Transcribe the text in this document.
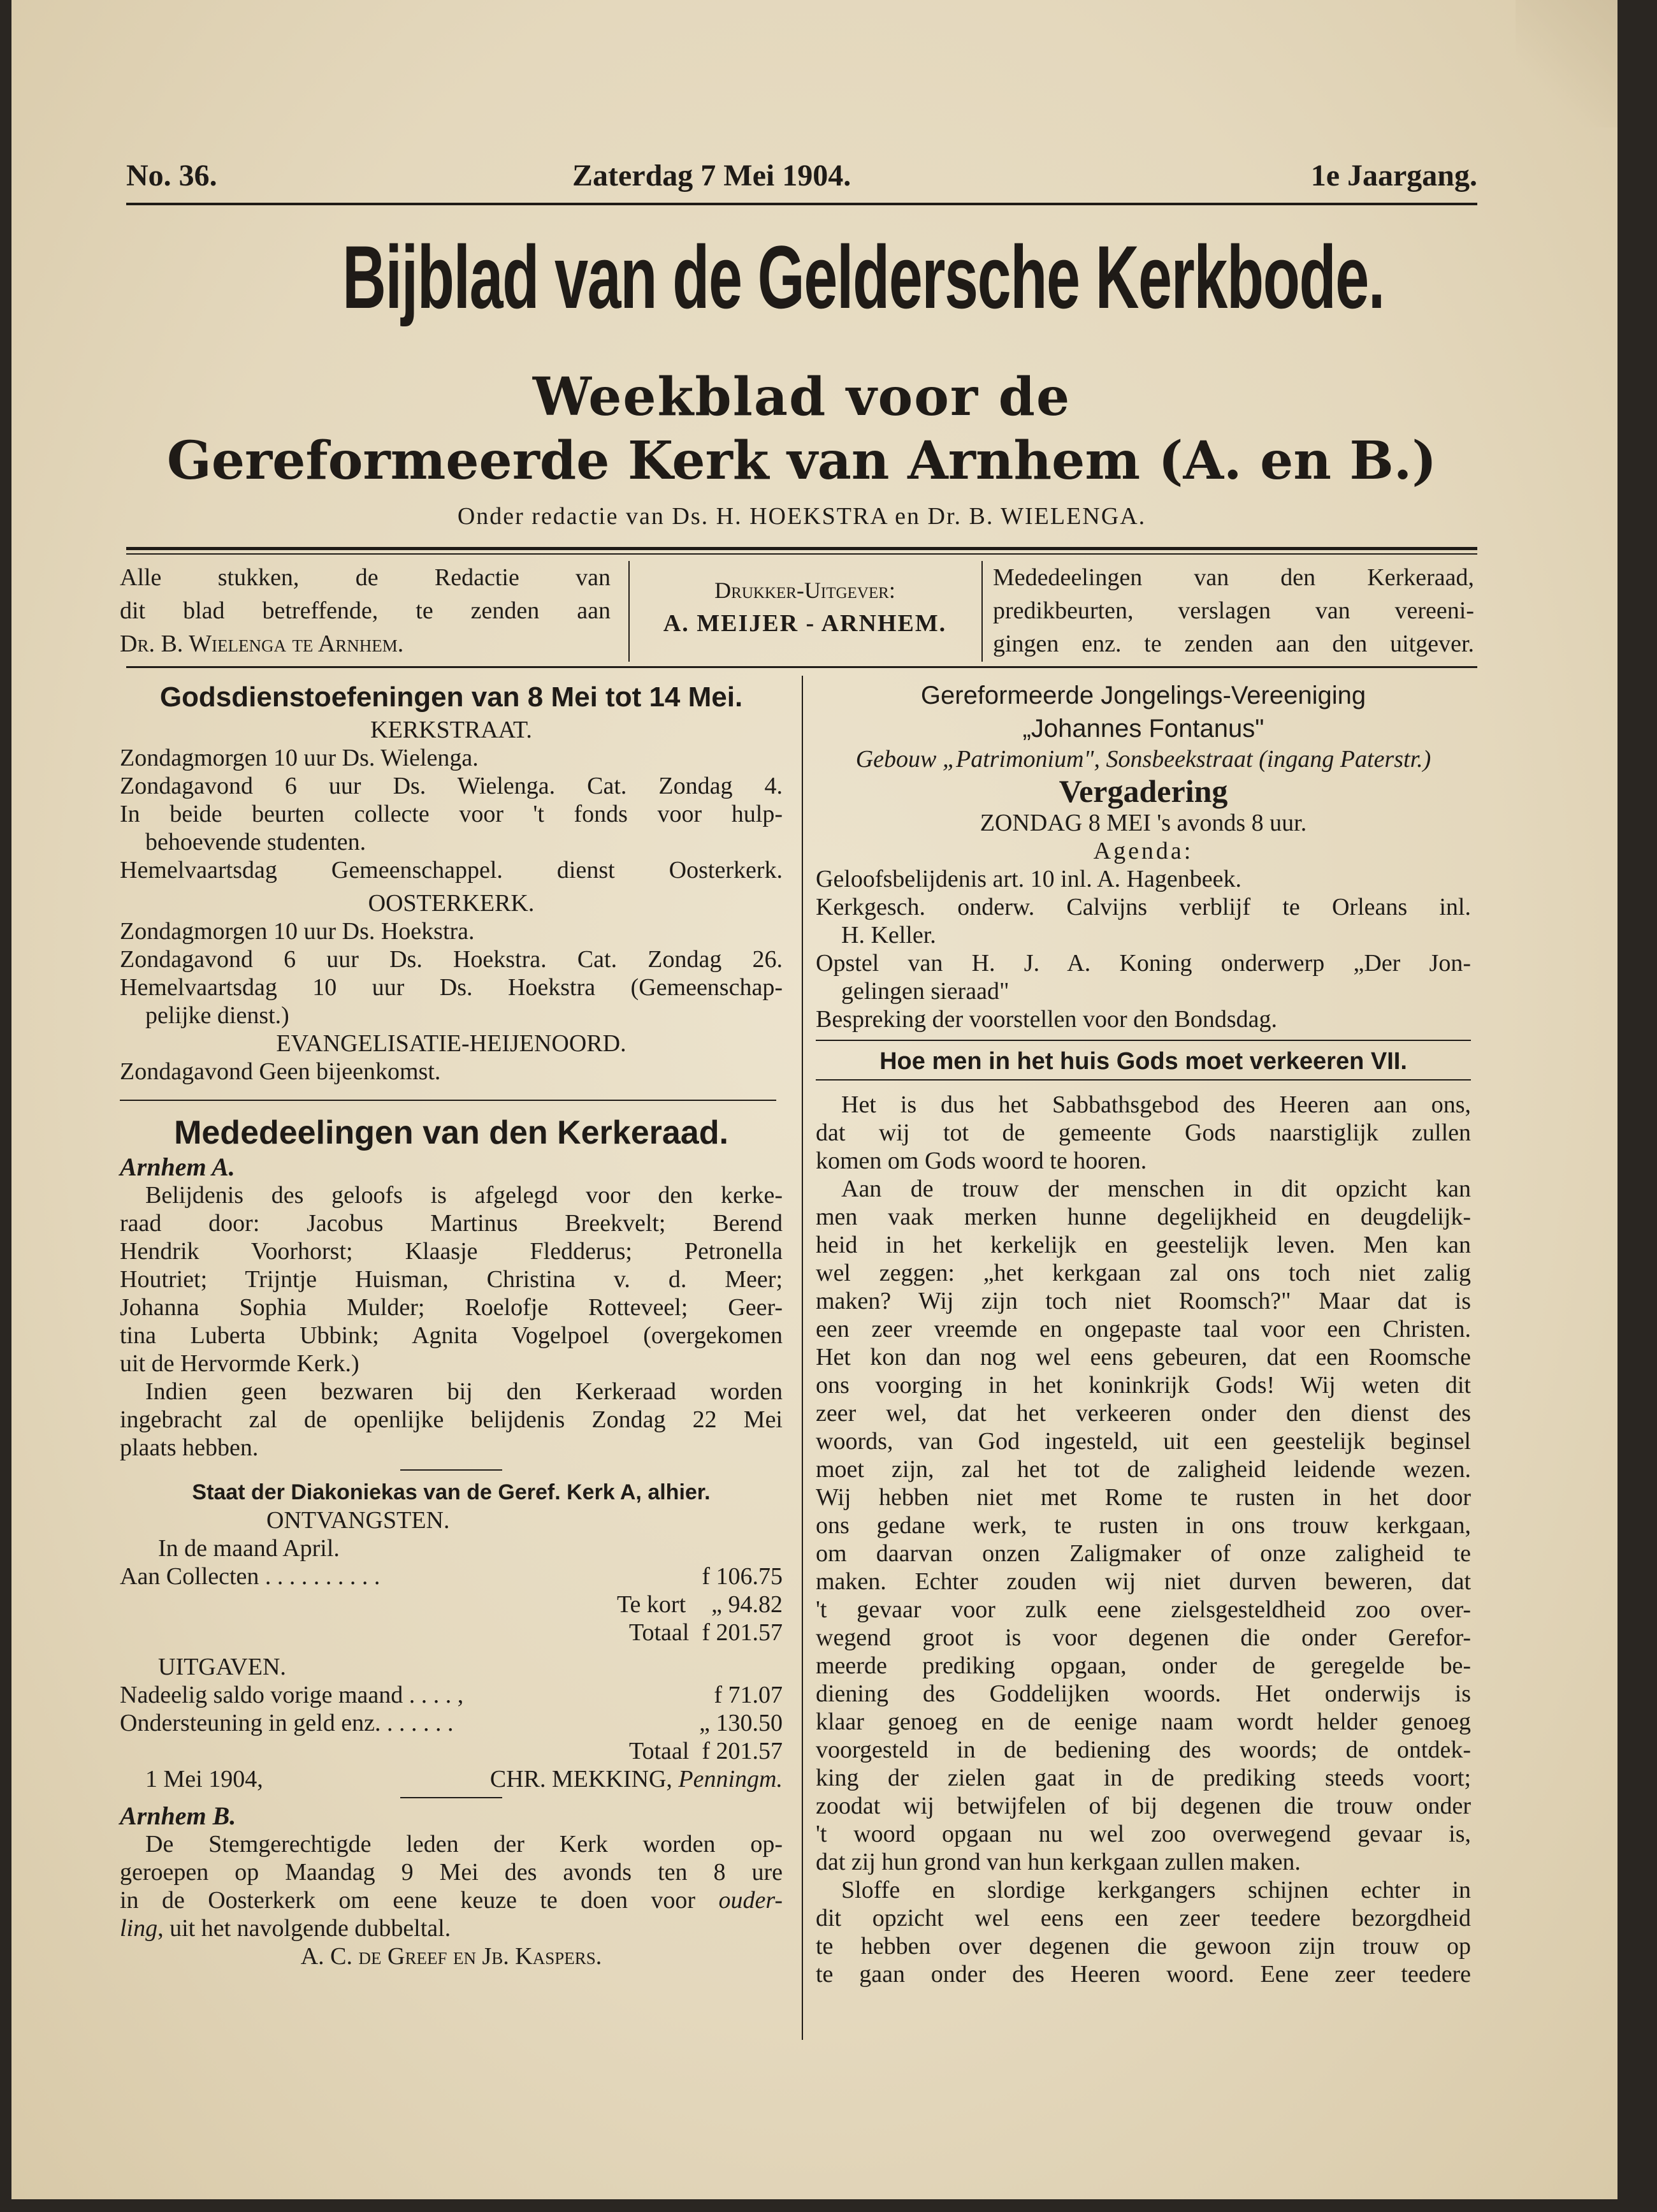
No. 36.	Zaterdag 7 Mei 1904.	1e Jaargang.
Bijblad van de Geldersche Kerkbode.
Weekblad voor de
Gereformeerde Kerk van Arnhem (A. en B.)
Onder redactie van Ds. H. HOEKSTRA en Dr. B. WIELENGA.
Alle stukken, de Redactie van
dit blad betreffende, te zenden aan
Dr. B. Wielenga te Arnhem.
Drukker-Uitgever:
A. MEIJER - ARNHEM.
Mededeelingen van den Kerkeraad,
predikbeurten, verslagen van vereeni-
gingen enz. te zenden aan den uitgever.
Godsdienstoefeningen van 8 Mei tot 14 Mei.
KERKSTRAAT.
Zondagmorgen 10 uur Ds. Wielenga.
Zondagavond 6 uur Ds. Wielenga. Cat. Zondag 4.
In beide beurten collecte voor 't fonds voor hulp-
behoevende studenten.
Hemelvaartsdag Gemeenschappel. dienst Oosterkerk.
OOSTERKERK.
Zondagmorgen 10 uur Ds. Hoekstra.
Zondagavond 6 uur Ds. Hoekstra. Cat. Zondag 26.
Hemelvaartsdag 10 uur Ds. Hoekstra (Gemeenschap-
pelijke dienst.)
EVANGELISATIE-HEIJENOORD.
Zondagavond Geen bijeenkomst.
Mededeelingen van den Kerkeraad.
Arnhem A.
Belijdenis des geloofs is afgelegd voor den kerke-
raad door: Jacobus Martinus Breekvelt; Berend
Hendrik Voorhorst; Klaasje Fledderus; Petronella
Houtriet; Trijntje Huisman, Christina v. d. Meer;
Johanna Sophia Mulder; Roelofje Rotteveel; Geer-
tina Luberta Ubbink; Agnita Vogelpoel (overgekomen
uit de Hervormde Kerk.)
Indien geen bezwaren bij den Kerkeraad worden
ingebracht zal de openlijke belijdenis Zondag 22 Mei
plaats hebben.
Staat der Diakoniekas van de Geref. Kerk A, alhier.
ONTVANGSTEN.
In de maand April.
Aan Collecten . . . . . . . . . .	f 106.75
Te kort „ 94.82
Totaal f 201.57
UITGAVEN.
Nadeelig saldo vorige maand . . . . ,	f 71.07
Ondersteuning in geld enz. . . . . . .	„ 130.50
Totaal f 201.57
1 Mei 1904,	CHR. MEKKING, Penningm.
Arnhem B.
De Stemgerechtigde leden der Kerk worden op-
geroepen op Maandag 9 Mei des avonds ten 8 ure
in de Oosterkerk om eene keuze te doen voor ouder-
ling, uit het navolgende dubbeltal.
A. C. de Greef en Jb. Kaspers.
Gereformeerde Jongelings-Vereeniging
„Johannes Fontanus"
Gebouw „Patrimonium", Sonsbeekstraat (ingang Paterstr.)
Vergadering
ZONDAG 8 MEI 's avonds 8 uur.
Agenda:
Geloofsbelijdenis art. 10 inl. A. Hagenbeek.
Kerkgesch. onderw. Calvijns verblijf te Orleans inl.
H. Keller.
Opstel van H. J. A. Koning onderwerp „Der Jon-
gelingen sieraad"
Bespreking der voorstellen voor den Bondsdag.
Hoe men in het huis Gods moet verkeeren VII.
Het is dus het Sabbathsgebod des Heeren aan ons,
dat wij tot de gemeente Gods naarstiglijk zullen
komen om Gods woord te hooren.
Aan de trouw der menschen in dit opzicht kan
men vaak merken hunne degelijkheid en deugdelijk-
heid in het kerkelijk en geestelijk leven. Men kan
wel zeggen: „het kerkgaan zal ons toch niet zalig
maken? Wij zijn toch niet Roomsch?" Maar dat is
een zeer vreemde en ongepaste taal voor een Christen.
Het kon dan nog wel eens gebeuren, dat een Roomsche
ons voorging in het koninkrijk Gods! Wij weten dit
zeer wel, dat het verkeeren onder den dienst des
woords, van God ingesteld, uit een geestelijk beginsel
moet zijn, zal het tot de zaligheid leidende wezen.
Wij hebben niet met Rome te rusten in het door
ons gedane werk, te rusten in ons trouw kerkgaan,
om daarvan onzen Zaligmaker of onze zaligheid te
maken. Echter zouden wij niet durven beweren, dat
't gevaar voor zulk eene zielsgesteldheid zoo over-
wegend groot is voor degenen die onder Gerefor-
meerde prediking opgaan, onder de geregelde be-
diening des Goddelijken woords. Het onderwijs is
klaar genoeg en de eenige naam wordt helder genoeg
voorgesteld in de bediening des woords; de ontdek-
king der zielen gaat in de prediking steeds voort;
zoodat wij betwijfelen of bij degenen die trouw onder
't woord opgaan nu wel zoo overwegend gevaar is,
dat zij hun grond van hun kerkgaan zullen maken.
Sloffe en slordige kerkgangers schijnen echter in
dit opzicht wel eens een zeer teedere bezorgdheid
te hebben over degenen die gewoon zijn trouw op
te gaan onder des Heeren woord. Eene zeer teedere
